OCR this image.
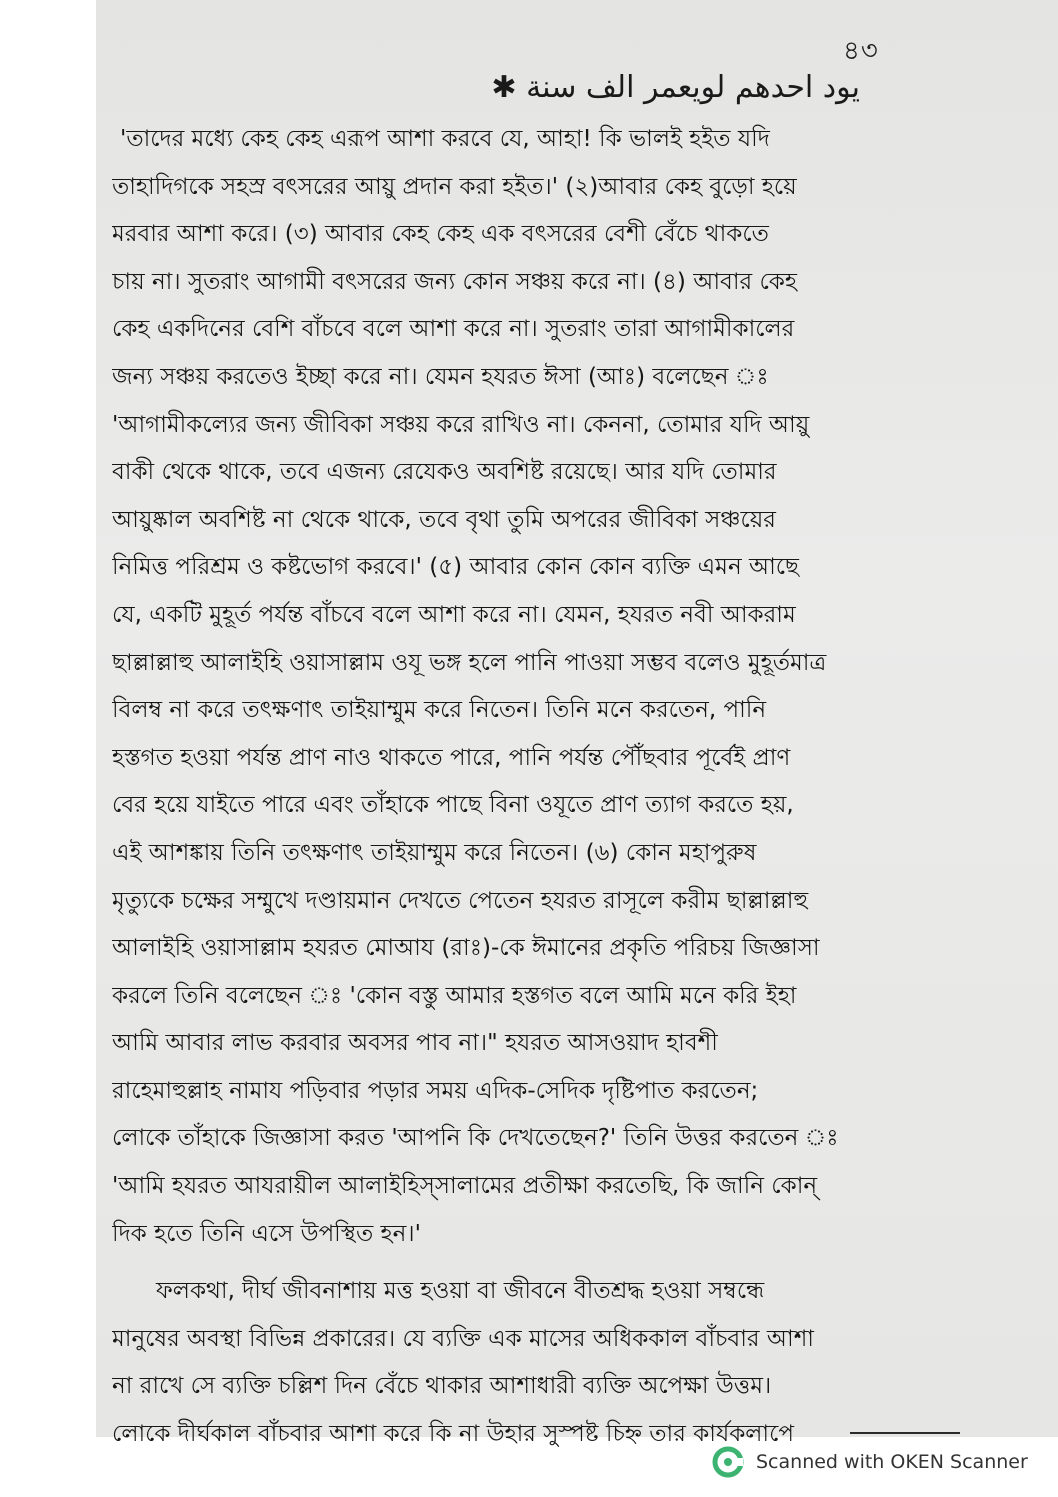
৪৩
يود احدهم لويعمر الف سنة ✱
'তাদের মধ্যে কেহ কেহ এরূপ আশা করবে যে, আহা! কি ভালই হইত যদি
তাহাদিগকে সহস্র বৎসরের আয়ু প্রদান করা হইত।' (২)আবার কেহ বুড়ো হয়ে
মরবার আশা করে। (৩) আবার কেহ কেহ এক বৎসরের বেশী বেঁচে থাকতে
চায় না। সুতরাং আগামী বৎসরের জন্য কোন সঞ্চয় করে না। (৪) আবার কেহ
কেহ একদিনের বেশি বাঁচবে বলে আশা করে না। সুতরাং তারা আগামীকালের
জন্য সঞ্চয় করতেও ইচ্ছা করে না। যেমন হযরত ঈসা (আঃ) বলেছেন ঃ
'আগামীকল্যের জন্য জীবিকা সঞ্চয় করে রাখিও না। কেননা, তোমার যদি আয়ু
বাকী থেকে থাকে, তবে এজন্য রেযেকও অবশিষ্ট রয়েছে। আর যদি তোমার
আয়ুষ্কাল অবশিষ্ট না থেকে থাকে, তবে বৃথা তুমি অপরের জীবিকা সঞ্চয়ের
নিমিত্ত পরিশ্রম ও কষ্টভোগ করবে।' (৫) আবার কোন কোন ব্যক্তি এমন আছে
যে, একটি মুহূর্ত পর্যন্ত বাঁচবে বলে আশা করে না। যেমন, হযরত নবী আকরাম
ছাল্লাল্লাহু আলাইহি ওয়াসাল্লাম ওযূ ভঙ্গ হলে পানি পাওয়া সম্ভব বলেও মুহূর্তমাত্র
বিলম্ব না করে তৎক্ষণাৎ তাইয়াম্মুম করে নিতেন। তিনি মনে করতেন, পানি
হস্তগত হওয়া পর্যন্ত প্রাণ নাও থাকতে পারে, পানি পর্যন্ত পৌঁছবার পূর্বেই প্রাণ
বের হয়ে যাইতে পারে এবং তাঁহাকে পাছে বিনা ওযূতে প্রাণ ত্যাগ করতে হয়,
এই আশঙ্কায় তিনি তৎক্ষণাৎ তাইয়াম্মুম করে নিতেন। (৬) কোন মহাপুরুষ
মৃত্যুকে চক্ষের সম্মুখে দণ্ডায়মান দেখতে পেতেন হযরত রাসূলে করীম ছাল্লাল্লাহু
আলাইহি ওয়াসাল্লাম হযরত মোআয (রাঃ)-কে ঈমানের প্রকৃতি পরিচয় জিজ্ঞাসা
করলে তিনি বলেছেন ঃ 'কোন বস্তু আমার হস্তগত বলে আমি মনে করি ইহা
আমি আবার লাভ করবার অবসর পাব না।" হযরত আসওয়াদ হাবশী
রাহেমাহুল্লাহ নামায পড়িবার পড়ার সময় এদিক-সেদিক দৃষ্টিপাত করতেন;
লোকে তাঁহাকে জিজ্ঞাসা করত 'আপনি কি দেখতেছেন?' তিনি উত্তর করতেন ঃ
'আমি হযরত আযরায়ীল আলাইহিস্সালামের প্রতীক্ষা করতেছি, কি জানি কোন্
দিক হতে তিনি এসে উপস্থিত হন।'
ফলকথা, দীর্ঘ জীবনাশায় মত্ত হওয়া বা জীবনে বীতশ্রদ্ধ হওয়া সম্বন্ধে
মানুষের অবস্থা বিভিন্ন প্রকারের। যে ব্যক্তি এক মাসের অধিককাল বাঁচবার আশা
না রাখে সে ব্যক্তি চল্লিশ দিন বেঁচে থাকার আশাধারী ব্যক্তি অপেক্ষা উত্তম।
লোকে দীর্ঘকাল বাঁচবার আশা করে কি না উহার সুস্পষ্ট চিহ্ন তার কার্যকলাপে
Scanned with OKEN Scanner
